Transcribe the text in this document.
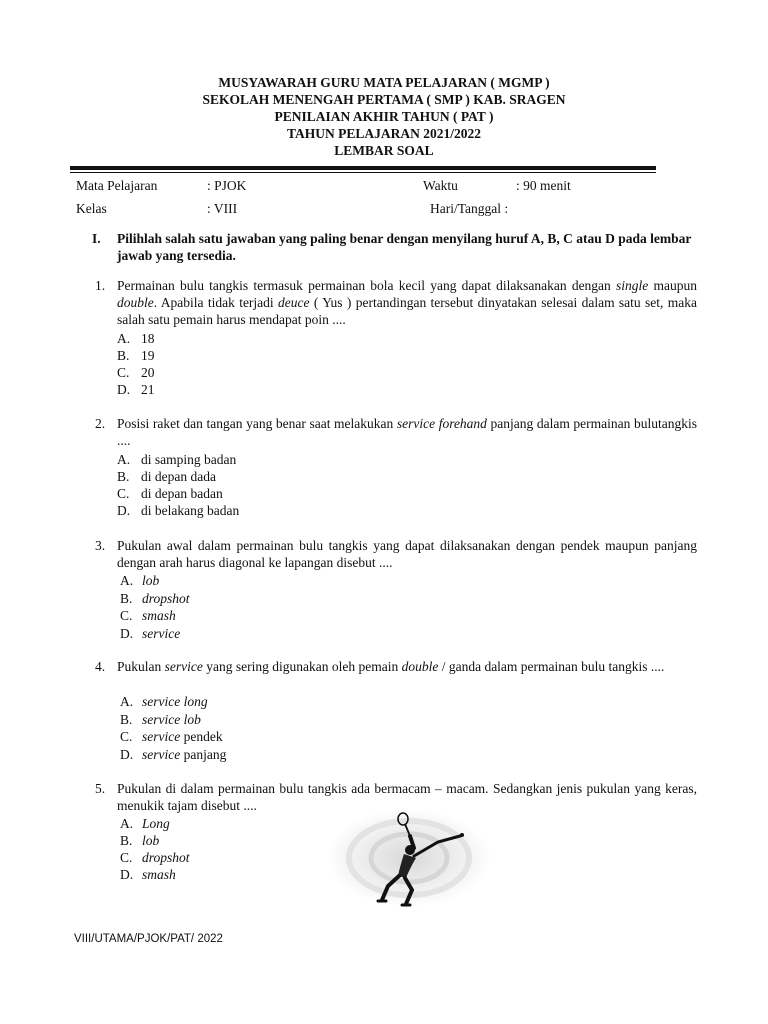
MUSYAWARAH GURU MATA PELAJARAN ( MGMP )
SEKOLAH MENENGAH PERTAMA ( SMP ) KAB. SRAGEN
PENILAIAN AKHIR TAHUN ( PAT )
TAHUN PELAJARAN 2021/2022
LEMBAR SOAL
Mata Pelajaran	: PJOK	Waktu	: 90 menit
Kelas	: VIII	Hari/Tanggal :
I. Pilihlah salah satu jawaban yang paling benar dengan menyilang huruf A, B, C atau D pada lembar jawab yang tersedia.
1. Permainan bulu tangkis termasuk permainan bola kecil yang dapat dilaksanakan dengan single maupun double. Apabila tidak terjadi deuce ( Yus ) pertandingan tersebut dinyatakan selesai dalam satu set, maka salah satu pemain harus mendapat poin ....
A. 18
B. 19
C. 20
D. 21
2. Posisi raket dan tangan yang benar saat melakukan service forehand panjang dalam permainan bulutangkis ....
A. di samping badan
B. di depan dada
C. di depan badan
D. di belakang badan
3. Pukulan awal dalam permainan bulu tangkis yang dapat dilaksanakan dengan pendek maupun panjang dengan arah harus diagonal ke lapangan disebut ....
A. lob
B. dropshot
C. smash
D. service
4. Pukulan service yang sering digunakan oleh pemain double / ganda dalam permainan bulu tangkis ....
A. service long
B. service lob
C. service pendek
D. service panjang
5. Pukulan di dalam permainan bulu tangkis ada bermacam – macam. Sedangkan jenis pukulan yang keras, menukik tajam disebut ....
A. Long
B. lob
C. dropshot
D. smash
VIII/UTAMA/PJOK/PAT/ 2022
